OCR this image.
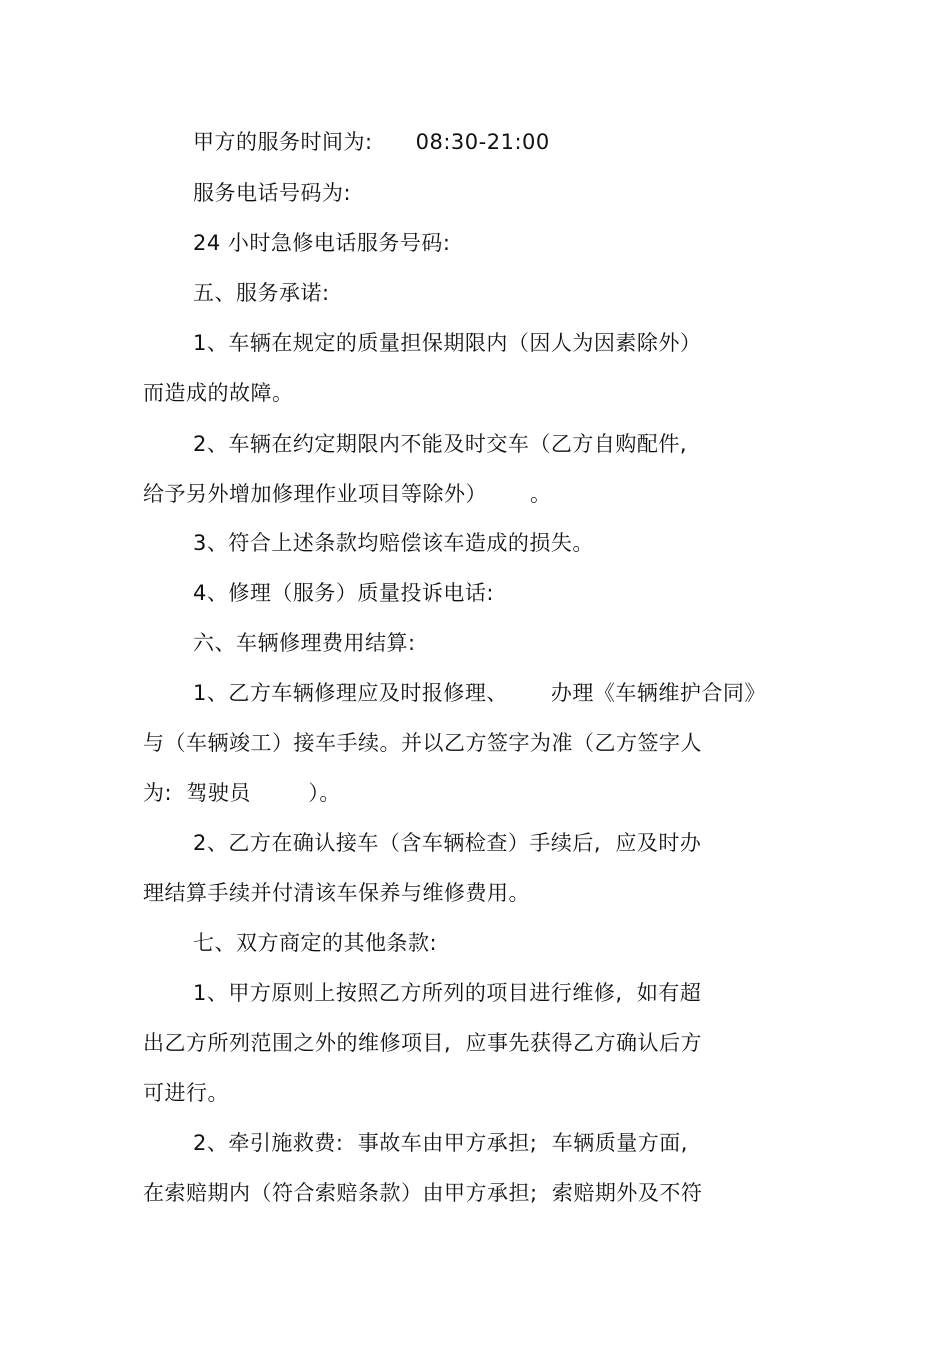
甲方的服务时间为:      08:30-21:00
服务电话号码为:
24 小时急修电话服务号码:
五、服务承诺:
1、车辆在规定的质量担保期限内（因人为因素除外）
而造成的故障。
2、车辆在约定期限内不能及时交车（乙方自购配件,
给予另外增加修理作业项目等除外）      。
3、符合上述条款均赔偿该车造成的损失。
4、修理（服务）质量投诉电话:
六、车辆修理费用结算:
1、乙方车辆修理应及时报修理、      办理《车辆维护合同》
与（车辆竣工）接车手续。并以乙方签字为准（乙方签字人
为:  驾驶员        ）。
2、乙方在确认接车（含车辆检查）手续后,  应及时办
理结算手续并付清该车保养与维修费用。
七、双方商定的其他条款:
1、甲方原则上按照乙方所列的项目进行维修,  如有超
出乙方所列范围之外的维修项目,  应事先获得乙方确认后方
可进行。
2、牵引施救费:  事故车由甲方承担;  车辆质量方面,
在索赔期内（符合索赔条款）由甲方承担;  索赔期外及不符
